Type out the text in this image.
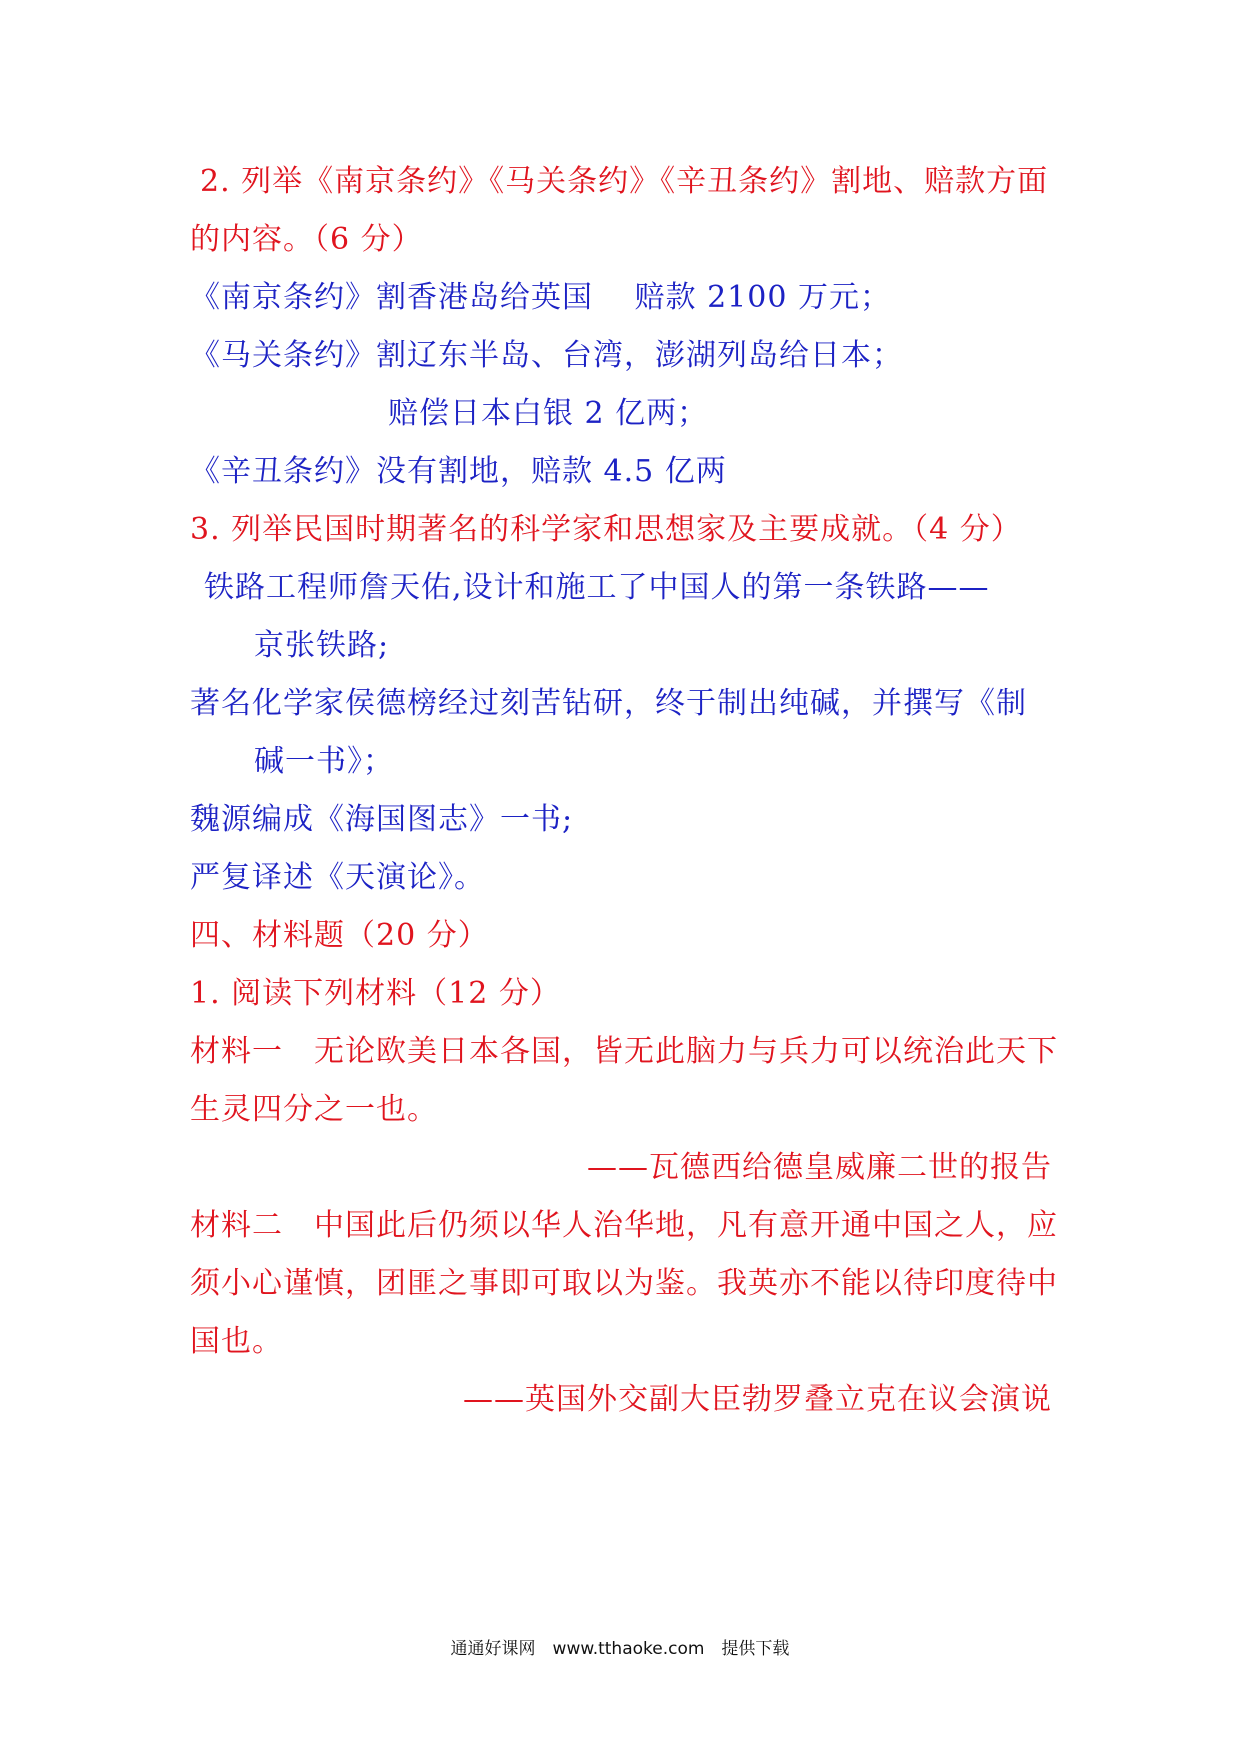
2. 列举《南京条约》《马关条约》《辛丑条约》割地、赔款方面
的内容。（6 分）
《南京条约》割香港岛给英国　 赔款 2100 万元；
《马关条约》割辽东半岛、台湾，澎湖列岛给日本；
赔偿日本白银 2 亿两；
《辛丑条约》没有割地，赔款 4.5 亿两
3. 列举民国时期著名的科学家和思想家及主要成就。（4 分）
铁路工程师詹天佑,设计和施工了中国人的第一条铁路——
京张铁路;
著名化学家侯德榜经过刻苦钻研，终于制出纯碱，并撰写《制
碱一书》；
魏源编成《海国图志》一书;
严复译述《天演论》。
四、材料题（20 分）
1. 阅读下列材料（12 分）
材料一　无论欧美日本各国，皆无此脑力与兵力可以统治此天下
生灵四分之一也。
——瓦德西给德皇威廉二世的报告
材料二　中国此后仍须以华人治华地，凡有意开通中国之人，应
须小心谨慎，团匪之事即可取以为鉴。我英亦不能以待印度待中
国也。
——英国外交副大臣勃罗叠立克在议会演说
通通好课网　www.tthaoke.com　提供下载
